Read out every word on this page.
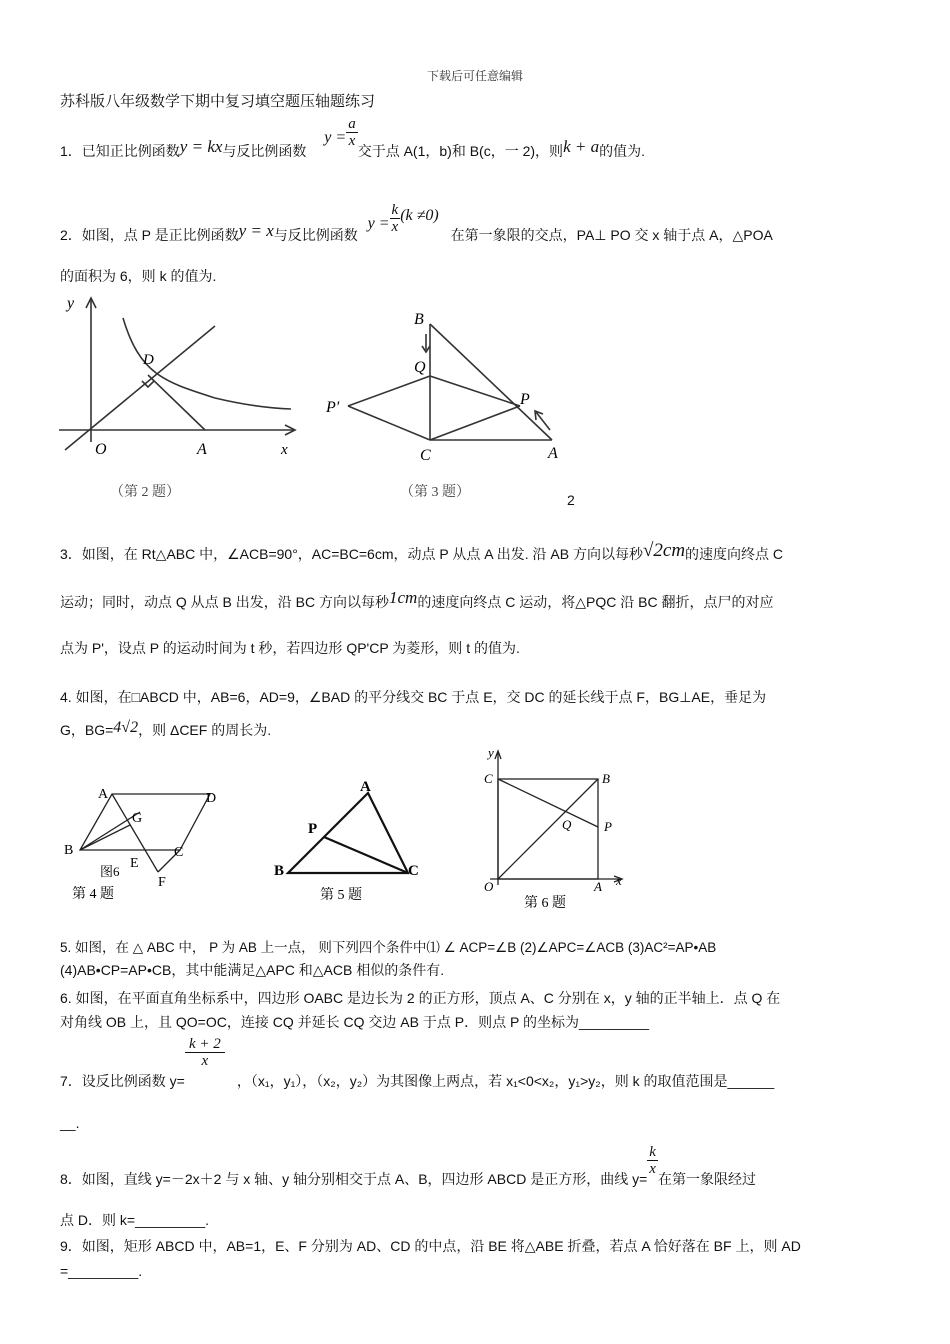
下载后可任意编辑
苏科版八年级数学下期中复习填空题压轴题练习
1．已知正比例函数y = kx与反比例函数 $y = \frac{a}{x}$
交于点 A(1，b)和 B(c，一 2)，则k + a的值为.
2．如图，点 P 是正比例函数y = x与反比例函数 $y = \frac{k}{x} (k \ne 0)$ 在第一象限的交点，PA⊥ PO 交 x 轴于点 A，△POA
的面积为 6，则 k 的值为.
y
O	A	x
D
（第 2 题）
B
Q
P'	P
C	A
（第 3 题）	2
3．如图，在 Rt△ABC 中，∠ACB=90°，AC=BC=6cm，动点 P 从点 A 出发. 沿 AB 方向以每秒√2cm的速度向终点 C
运动；同时，动点 Q 从点 B 出发，沿 BC 方向以每秒1cm的速度向终点 C 运动，将△PQC 沿 BC 翻折，点尸的对应
点为 P'，设点 P 的运动时间为 t 秒，若四边形 QP'CP 为菱形，则 t 的值为.
4. 如图，在□ABCD 中，AB=6，AD=9，∠BAD 的平分线交 BC 于点 E，交 DC 的延长线于点 F，BG⊥AE，垂足为
G，BG=4√2，则 ΔCEF 的周长为.
A	D
G
B
E
C
F
图6
第 4 题
A
P
B	C
第 5 题
y
C	B
Q	P
O	A x
第 6 题
5. 如图，在 △ ABC 中， P 为 AB 上一点， 则下列四个条件中⑴ ∠ ACP=∠B (2)∠APC=∠ACB (3)AC²=AP•AB
(4)AB•CP=AP•CB，其中能满足△APC 和△ACB 相似的条件有.
6. 如图，在平面直角坐标系中，四边形 OABC 是边长为 2 的正方形，顶点 A、C 分别在 x，y 轴的正半轴上．点 Q 在
对角线 OB 上，且 QO=OC，连接 CQ 并延长 CQ 交边 AB 于点 P．则点 P 的坐标为_________
7．设反比例函数 y=
$\frac{k + 2}{x}$
，（x₁，y₁），（x₂，y₂）为其图像上两点，若 x₁<0<x₂，y₁>y₂，则 k 的取值范围是______
__.
8．如图，直线 y=－2x＋2 与 x 轴、y 轴分别相交于点 A、B，四边形 ABCD 是正方形，曲线 y=
$\frac{k}{x}$
在第一象限经过
点 D．则 k=_________.
9．如图，矩形 ABCD 中，AB=1，E、F 分别为 AD、CD 的中点，沿 BE 将△ABE 折叠，若点 A 恰好落在 BF 上，则 AD
=_________.
